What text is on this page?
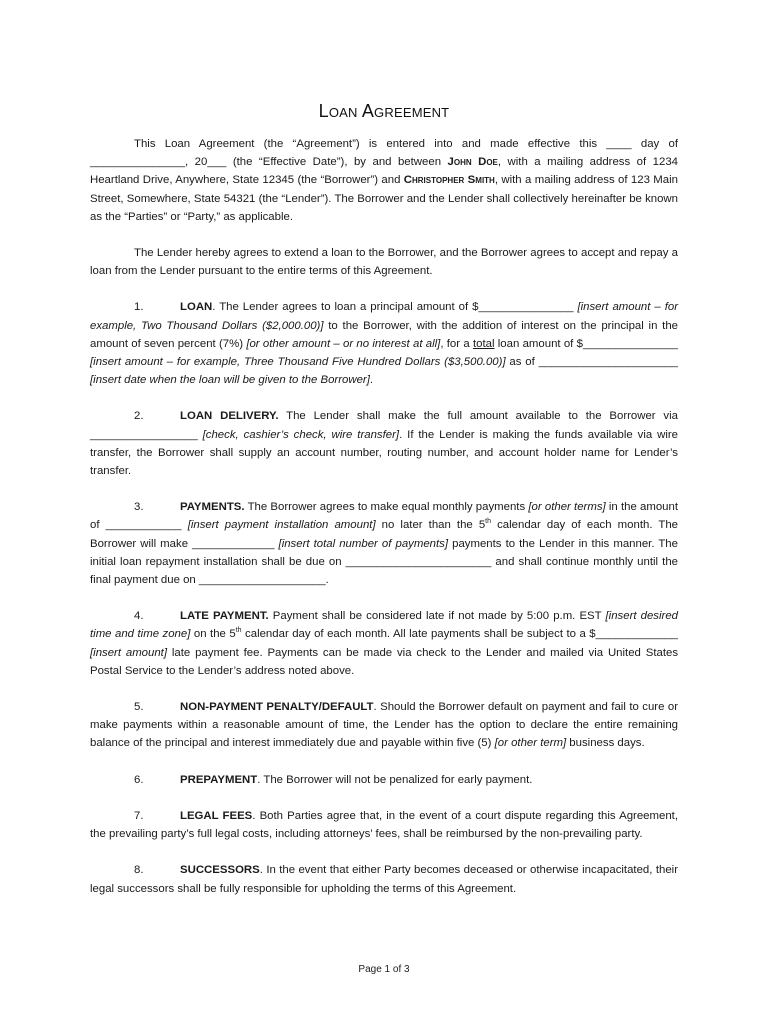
Loan Agreement

This Loan Agreement (the “Agreement”) is entered into and made effective this ____ day of _______________, 20___ (the “Effective Date”), by and between John Doe, with a mailing address of 1234 Heartland Drive, Anywhere, State 12345 (the “Borrower”) and Christopher Smith, with a mailing address of 123 Main Street, Somewhere, State 54321 (the “Lender”). The Borrower and the Lender shall collectively hereinafter be known as the “Parties” or “Party,” as applicable.

The Lender hereby agrees to extend a loan to the Borrower, and the Borrower agrees to accept and repay a loan from the Lender pursuant to the entire terms of this Agreement.

1.	LOAN. The Lender agrees to loan a principal amount of $_______________ [insert amount – for example, Two Thousand Dollars ($2,000.00)] to the Borrower, with the addition of interest on the principal in the amount of seven percent (7%) [or other amount – or no interest at all], for a total loan amount of $_______________ [insert amount – for example, Three Thousand Five Hundred Dollars ($3,500.00)] as of ______________________ [insert date when the loan will be given to the Borrower].

2.	LOAN DELIVERY. The Lender shall make the full amount available to the Borrower via _________________ [check, cashier’s check, wire transfer]. If the Lender is making the funds available via wire transfer, the Borrower shall supply an account number, routing number, and account holder name for Lender’s transfer.

3.	PAYMENTS. The Borrower agrees to make equal monthly payments [or other terms] in the amount of ____________ [insert payment installation amount] no later than the 5th calendar day of each month. The Borrower will make _____________ [insert total number of payments] payments to the Lender in this manner. The initial loan repayment installation shall be due on _______________________ and shall continue monthly until the final payment due on ____________________.

4.	LATE PAYMENT. Payment shall be considered late if not made by 5:00 p.m. EST [insert desired time and time zone] on the 5th calendar day of each month. All late payments shall be subject to a $_____________ [insert amount] late payment fee. Payments can be made via check to the Lender and mailed via United States Postal Service to the Lender’s address noted above.

5.	NON-PAYMENT PENALTY/DEFAULT. Should the Borrower default on payment and fail to cure or make payments within a reasonable amount of time, the Lender has the option to declare the entire remaining balance of the principal and interest immediately due and payable within five (5) [or other term] business days.

6.	PREPAYMENT. The Borrower will not be penalized for early payment.

7.	LEGAL FEES. Both Parties agree that, in the event of a court dispute regarding this Agreement, the prevailing party’s full legal costs, including attorneys’ fees, shall be reimbursed by the non-prevailing party.

8.	SUCCESSORS. In the event that either Party becomes deceased or otherwise incapacitated, their legal successors shall be fully responsible for upholding the terms of this Agreement.

Page 1 of 3
